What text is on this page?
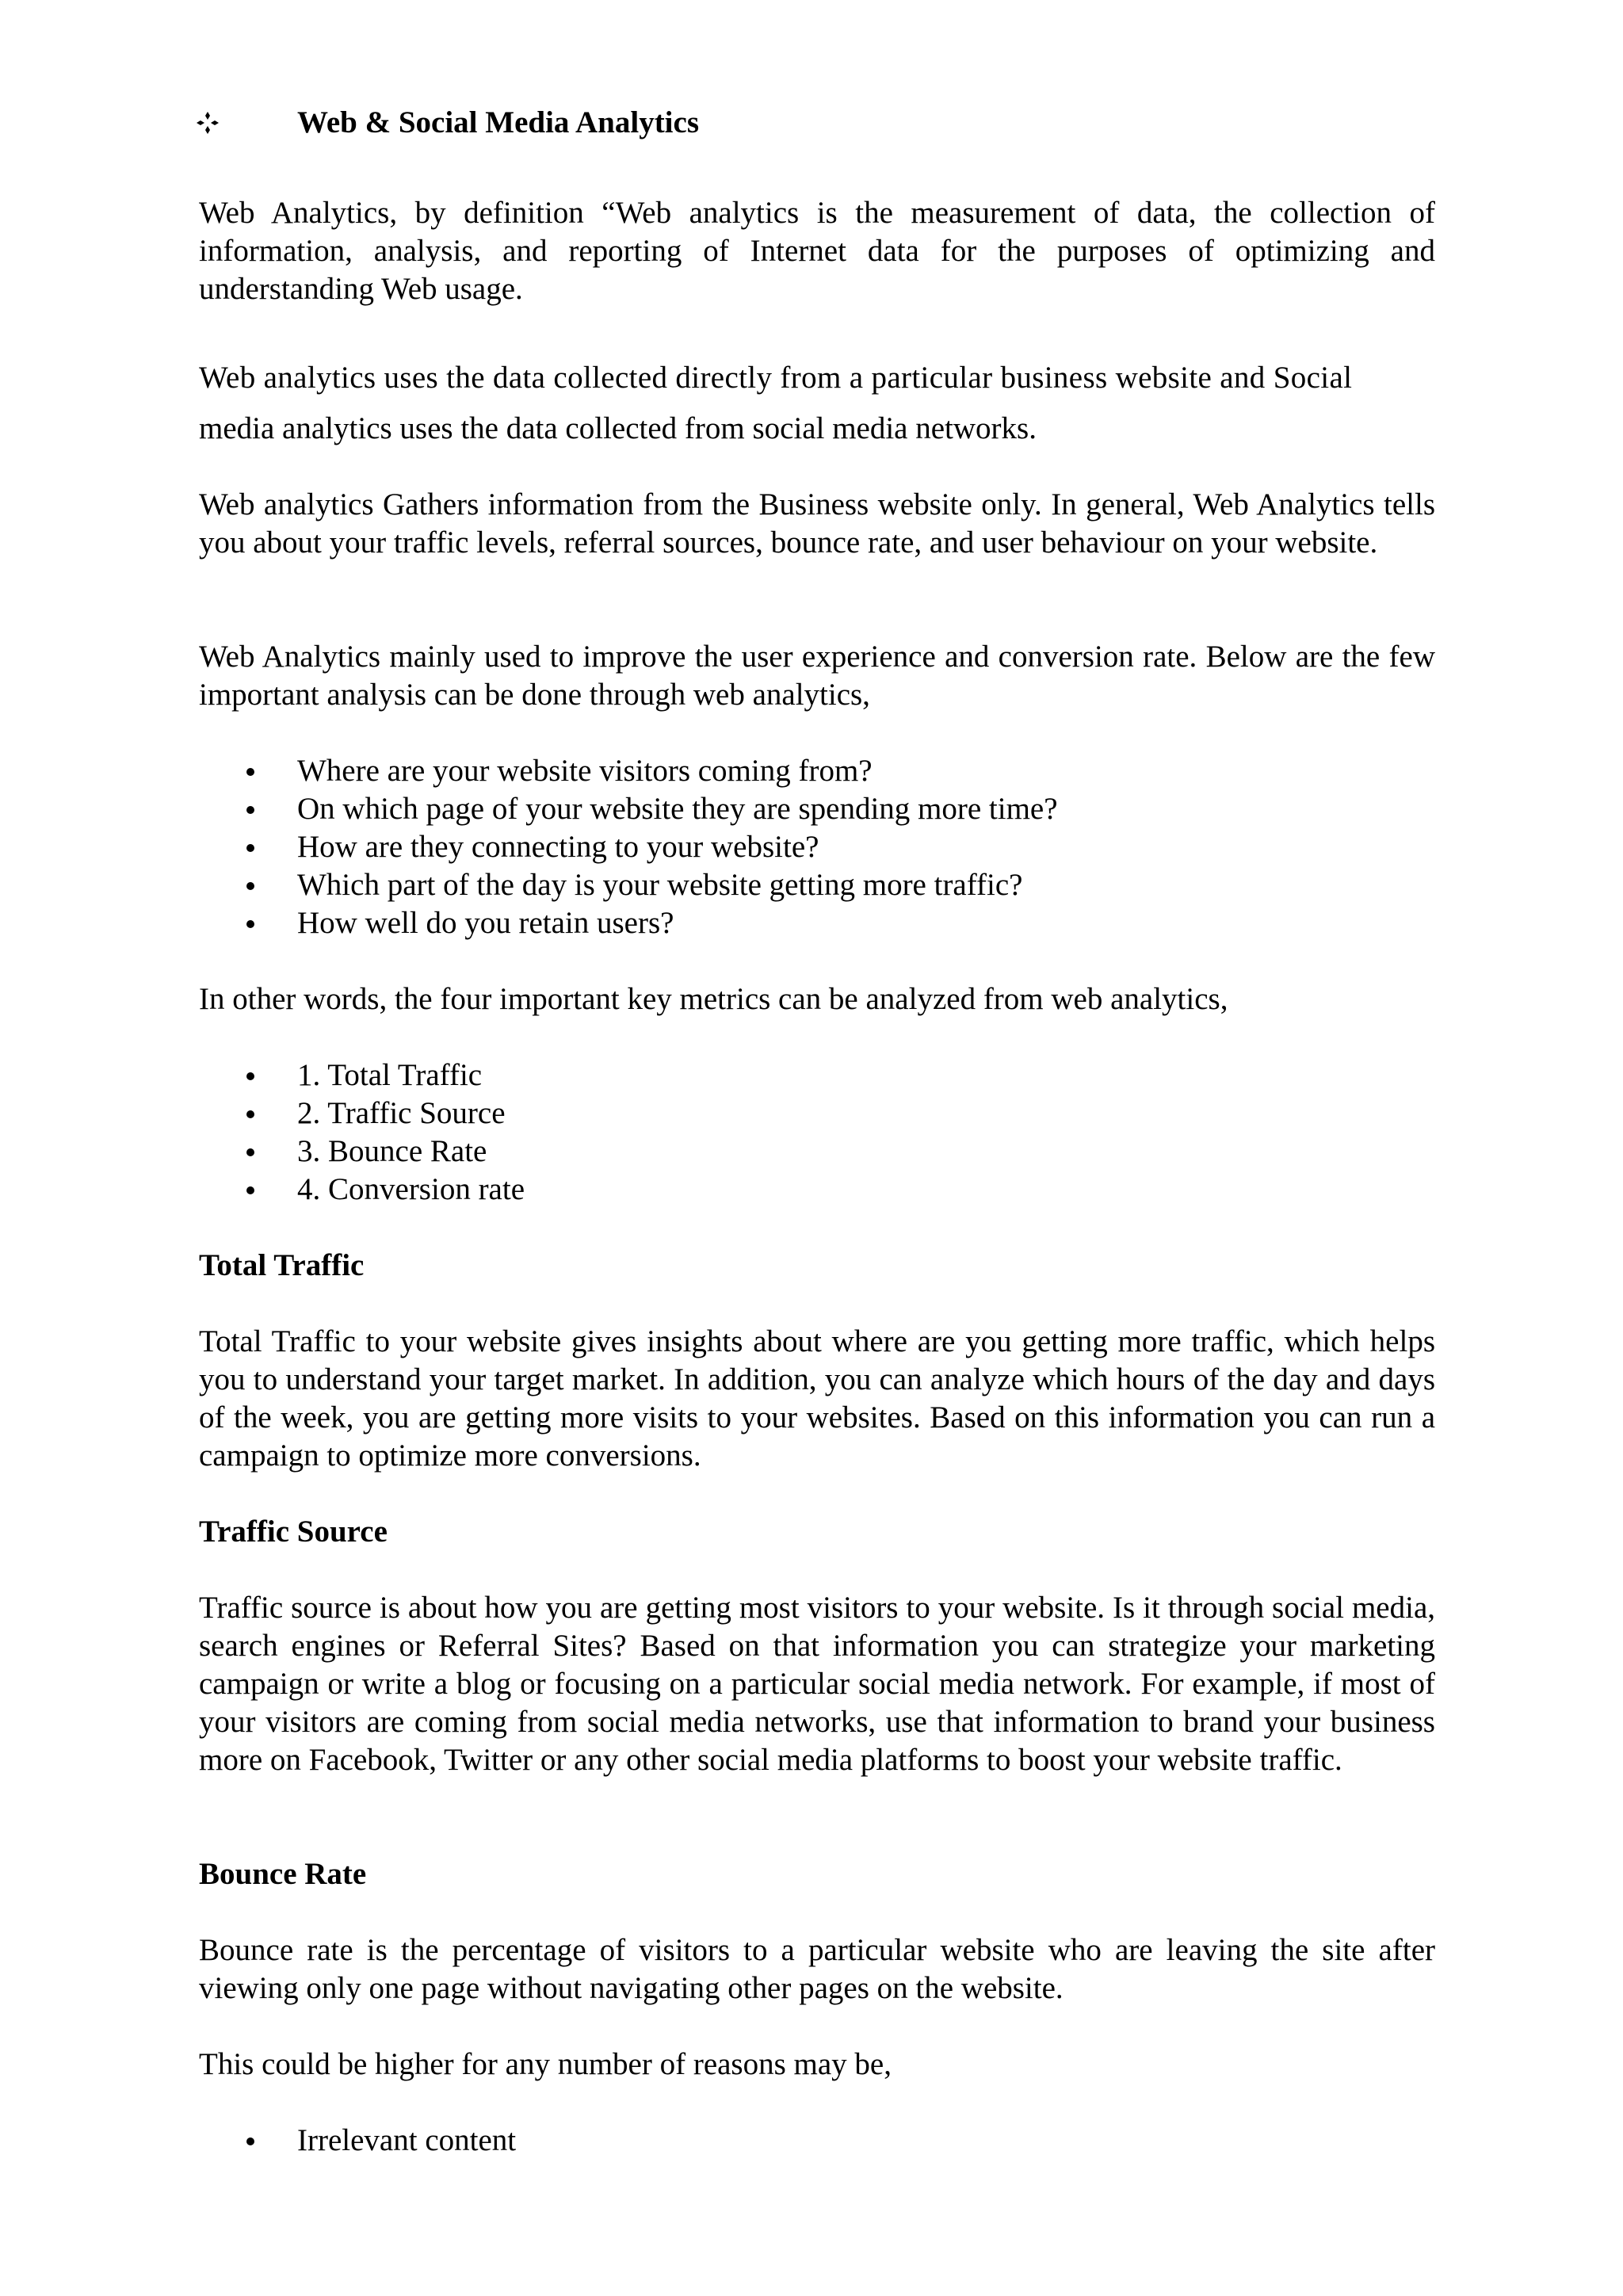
Web & Social Media Analytics

Web Analytics, by definition “Web analytics is the measurement of data, the collection of information, analysis, and reporting of Internet data for the purposes of optimizing and understanding Web usage.

Web analytics uses the data collected directly from a particular business website and Social

media analytics uses the data collected from social media networks.

Web analytics Gathers information from the Business website only. In general, Web Analytics tells you about your traffic levels, referral sources, bounce rate, and user behaviour on your website.

Web Analytics mainly used to improve the user experience and conversion rate. Below are the few important analysis can be done through web analytics,

Where are your website visitors coming from?
On which page of your website they are spending more time?
How are they connecting to your website?
Which part of the day is your website getting more traffic?
How well do you retain users?

In other words, the four important key metrics can be analyzed from web analytics,

1. Total Traffic
2. Traffic Source
3. Bounce Rate
4. Conversion rate
Total Traffic

Total Traffic to your website gives insights about where are you getting more traffic, which helps you to understand your target market. In addition, you can analyze which hours of the day and days of the week, you are getting more visits to your websites. Based on this information you can run a campaign to optimize more conversions.

Traffic Source

Traffic source is about how you are getting most visitors to your website. Is it through social media, search engines or Referral Sites? Based on that information you can strategize your marketing campaign or write a blog or focusing on a particular social media network. For example, if most of your visitors are coming from social media networks, use that information to brand your business more on Facebook, Twitter or any other social media platforms to boost your website traffic.

Bounce Rate

Bounce rate is the percentage of visitors to a particular website who are leaving the site after viewing only one page without navigating other pages on the website.

This could be higher for any number of reasons may be,

Irrelevant content
